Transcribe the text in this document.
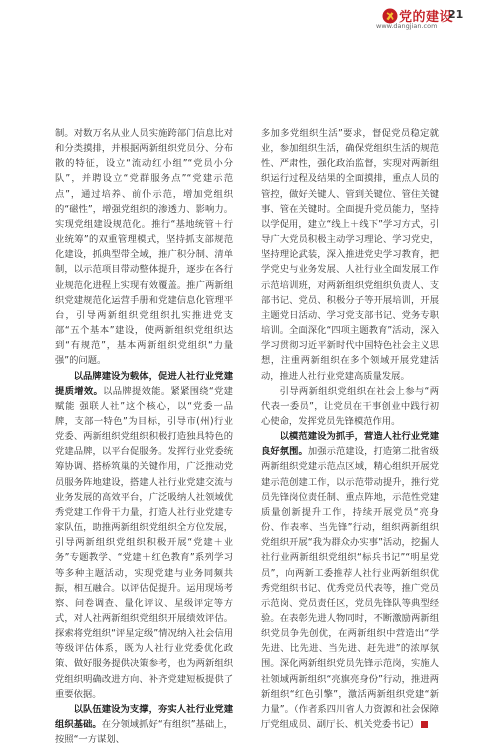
党的建设
www.dangjian.com
21

制。对数万名从业人员实施跨部门信息比对和分类摸排，并根据两新组织党员分、分布散的特征，设立“流动红小组”“党员小分队”，并聘设立“党群服务点”“党建示范点”，通过培养、前仆示范，增加党组织的“磁性”，增强党组织的渗透力、影响力。实现党组建设规范化。推行“基地统管＋行业统筹”的双重管理模式，坚持抓支部规范化建设，抓典型带全域，推广积分制、清单制，以示范项目带动整体提升，逐步在各行业规范化进程上实现有效覆盖。推广两新组织党建规范化运营手册和党建信息化管理平台，引导两新组织党组织扎实推进党支部“五个基本”建设，使两新组织党组织达到“有规范”，基本两新组织党组织“力量强”的问题。

以品牌建设为载体，促进人社行业党建提质增效。以品牌提效能。紧紧围绕“党建赋能 强联人社”这个核心，以“党委一品牌，支部一特色”为目标，引导市(州)行业党委、两新组织党组织积极打造独具特色的党建品牌，以平台促服务。发挥行业党委统筹协调、搭桥筑巢的关键作用，广泛推动党员服务阵地建设，搭建人社行业党建交流与业务发展的高效平台，广泛吸纳人社领域优秀党建工作骨干力量，打造人社行业党建专家队伍，助推两新组织党组织全方位发展，引导两新组织党组织积极开展“党建＋业务”专题教学、“党建＋红色教育”系列学习等多种主题活动，实现党建与业务同频共振，相互融合。以评估促提升。运用现场考察、问卷调查、量化评议、星级评定等方式，对人社两新组织党组织开展绩效评估。探索将党组织“评星定级”情况纳入社会信用等级评估体系，既为人社行业党委优化政策、做好服务提供决策参考，也为两新组织党组织明确改进方向、补齐党建短板提供了重要依据。

以队伍建设为支撑，夯实人社行业党建组织基础。在分领域抓好“有组织”基础上，按照“一方谋划、

多加多党组织生活”要求，督促党员稳定就业，参加组织生活，确保党组织生活的规范性、严肃性，强化政治监督，实现对两新组织运行过程及结果的全面摸排，重点人员的管控，做好关键人、管到关键位、管住关键事、管在关键时。全面提升党员能力，坚持以学促用，建立“线上＋线下”学习方式，引导广大党员积极主动学习理论、学习党史，坚持理论武装，深入推进党史学习教育，把学党史与业务发展、人社行业全面发展工作示范培训班，对两新组织党组织负责人、支部书记、党员、积极分子等开展培训，开展主题党日活动、学习党支部书记、党务专职培训。全面深化“四项主题教育”活动，深入学习贯彻习近平新时代中国特色社会主义思想，注重两新组织在多个领域开展党建活动，推进人社行业党建高质量发展。

引导两新组织党组织在社会上参与“两代表一委员”，让党员在干事创业中践行初心使命，发挥党员先锋模范作用。

以模范建设为抓手，营造人社行业党建良好氛围。加强示范建设，打造第二批省级两新组织党建示范点区域，精心组织开展党建示范创建工作，以示范带动提升，推行党员先锋岗位责任制、重点阵地，示范性党建质量创新提升工作，持续开展党员“亮身份、作表率、当先锋”行动，组织两新组织党组织开展“我为群众办实事”活动，挖掘人社行业两新组织党组织“标兵书记”“明星党员”，向两新工委推荐人社行业两新组织优秀党组织书记、优秀党员代表等，推广党员示范岗、党员责任区，党员先锋队等典型经验。在表彰先进人物同时，不断激励两新组织党员争先创优，在两新组织中营造出“学先进、比先进、当先进、赶先进”的浓厚氛围。深化两新组织党员先锋示范岗，实施人社领域两新组织“亮旗亮身份”行动，推进两新组织“红色引擎”，激活两新组织党建“新力量”。（作者系四川省人力资源和社会保障厅党组成员、副厅长、机关党委书记）
